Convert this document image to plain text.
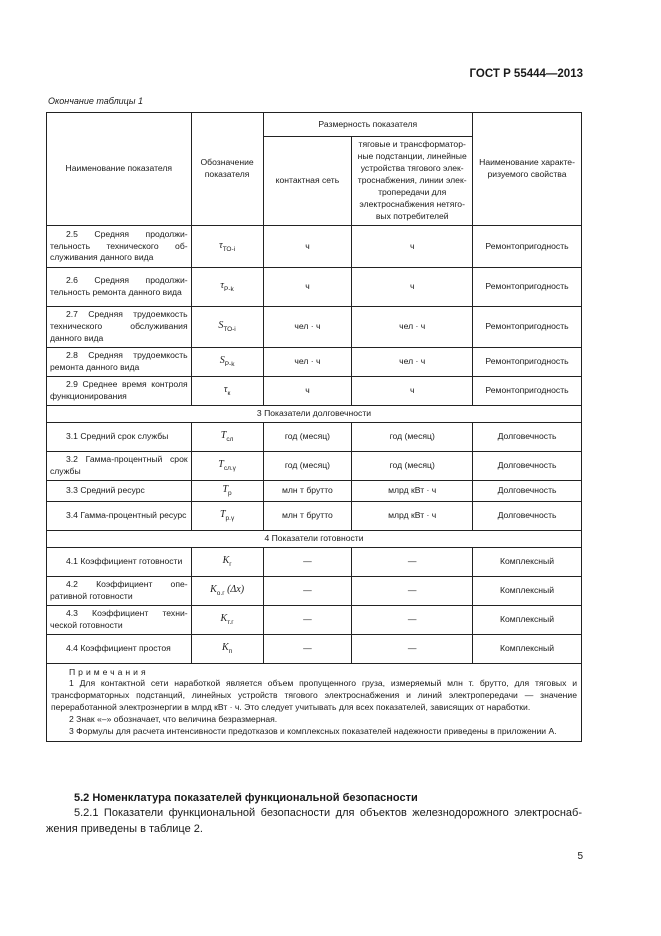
ГОСТ Р 55444—2013
Окончание таблицы 1
Наименование показателя	Обозначение показателя	Размерность показателя		Наименование характеризуемого свойства
		контактная сеть	тяговые и трансформаторные подстанции, линейные устройства тягового электроснабжения, линии электропередачи для электроснабжения нетяговых потребителей	
2.5 Средняя продолжительность технического обслуживания данного вида	$\tau_{ТО-i}$	ч	ч	Ремонтопригодность
2.6 Средняя продолжительность ремонта данного вида	$\tau_{Р-k}$	ч	ч	Ремонтопригодность
2.7 Средняя трудоемкость технического обслуживания данного вида	$S_{ТО-i}$	чел · ч	чел · ч	Ремонтопригодность
2.8 Средняя трудоемкость ремонта данного вида	$S_{Р-k}$	чел · ч	чел · ч	Ремонтопригодность
2.9 Среднее время контроля функционирования	$\tau_к$	ч	ч	Ремонтопригодность
3 Показатели долговечности				
3.1 Средний срок службы	$T_{сл}$	год (месяц)	год (месяц)	Долговечность
3.2 Гамма-процентный срок службы	$T_{сл.\gamma}$	год (месяц)	год (месяц)	Долговечность
3.3 Средний ресурс	$T_р$	млн т брутто	млрд кВт · ч	Долговечность
3.4 Гамма-процентный ресурс	$T_{р.\gamma}$	млн т брутто	млрд кВт · ч	Долговечность
4 Показатели готовности				
4.1 Коэффициент готовности	$K_г$	—	—	Комплексный
4.2 Коэффициент оперативной готовности	$K_{о.г}$ (Δx)	—	—	Комплексный
4.3 Коэффициент технической готовности	$K_{т.г}$	—	—	Комплексный
4.4 Коэффициент простоя	$K_п$	—	—	Комплексный

Примечания

1 Для контактной сети наработкой является объем пропущенного груза, измеряемый млн т. брутто, для тяговых и трансформаторных подстанций, линейных устройств тягового электроснабжения и линий электропередачи — значение переработанной электроэнергии в млрд кВт · ч. Это следует учитывать для всех показателей, зависящих от наработки.

2 Знак «–» обозначает, что величина безразмерная.

3 Формулы для расчета интенсивности предотказов и комплексных показателей надежности приведены в приложении А.				

5.2 Номенклатура показателей функциональной безопасности
5.2.1 Показатели функциональной безопасности для объектов железнодорожного электроснабжения приведены в таблице 2.
5
